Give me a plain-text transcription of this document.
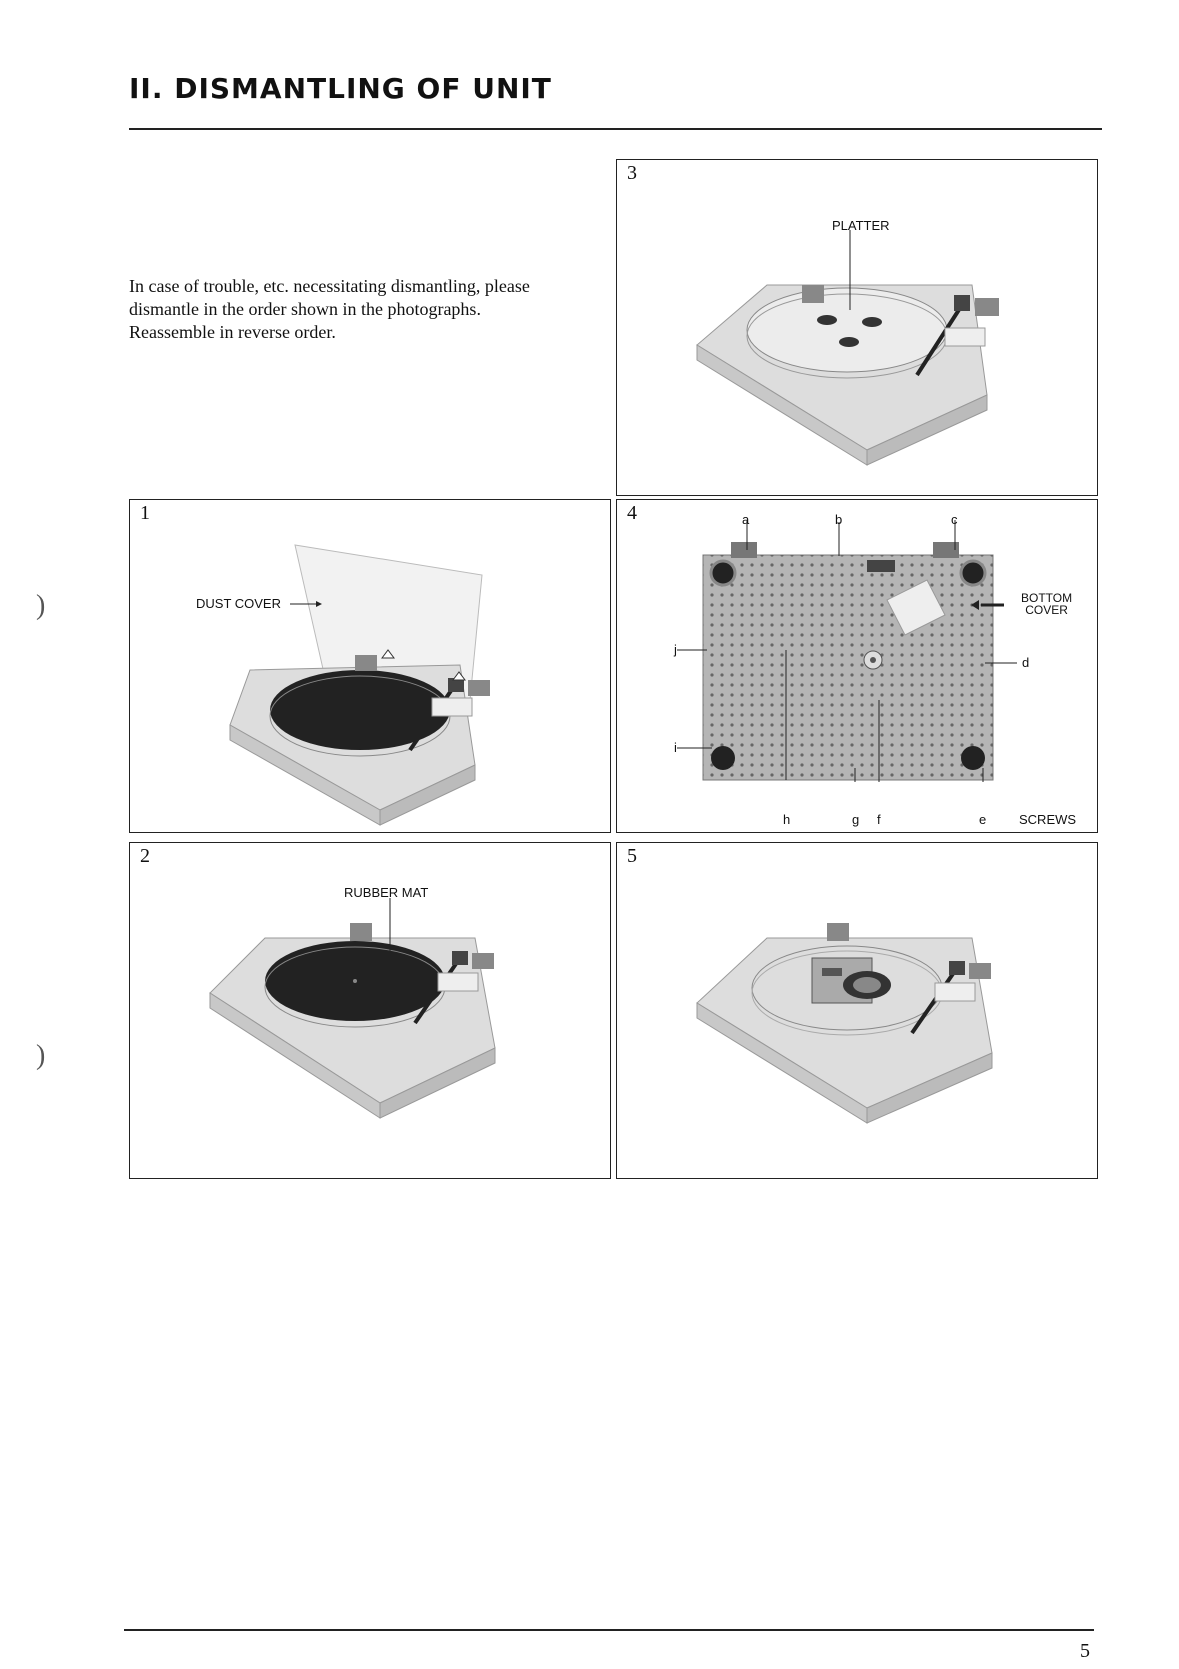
II. DISMANTLING OF UNIT

In case of trouble, etc. necessitating dismantling, please

dismantle in the order shown in the photographs.

Reassemble in reverse order.

)
)
3
PLATTER
1
DUST COVER
4	a	b	c
d
e
f
g
h
i
j
BOTTOM
COVER
SCREWS
2
RUBBER MAT
5
5
